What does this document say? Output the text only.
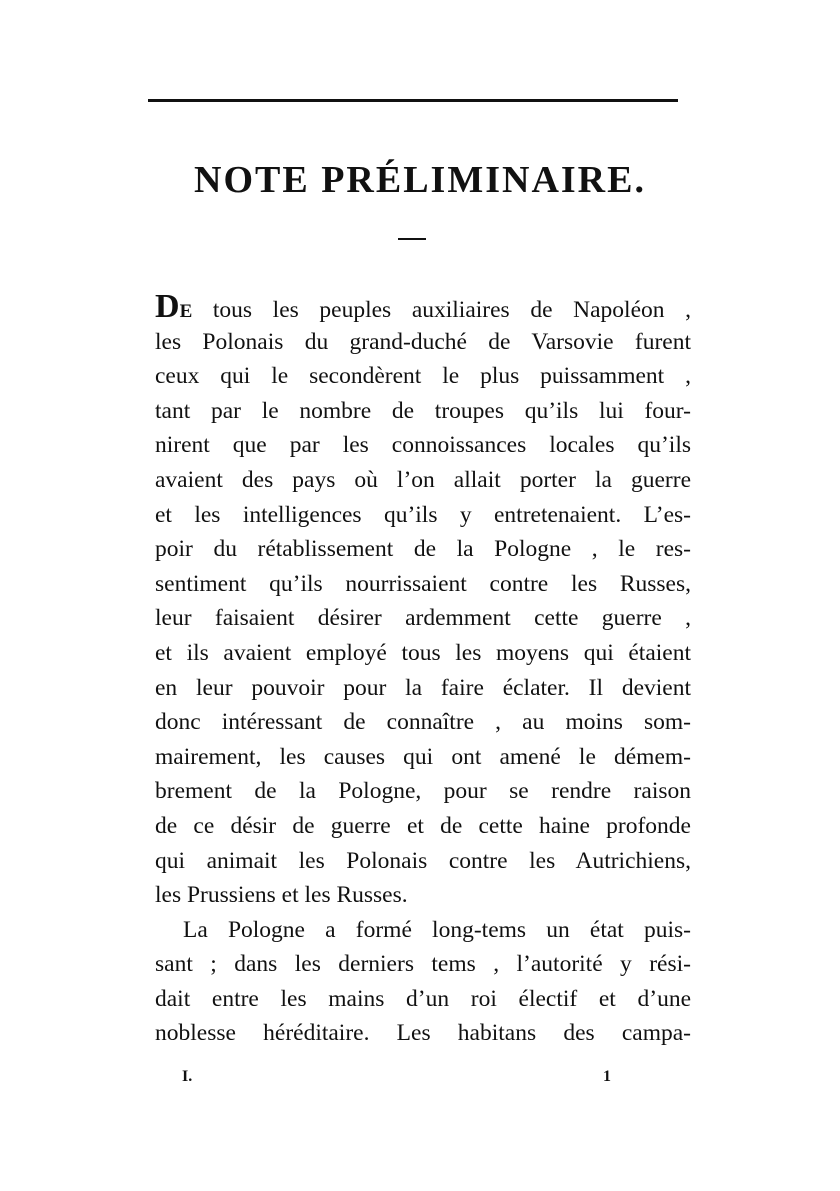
NOTE PRÉLIMINAIRE.
DE tous les peuples auxiliaires de Napoléon ,
les Polonais du grand-duché de Varsovie furent
ceux qui le secondèrent le plus puissamment ,
tant par le nombre de troupes qu’ils lui four-
nirent que par les connoissances locales qu’ils
avaient des pays où l’on allait porter la guerre
et les intelligences qu’ils y entretenaient. L’es-
poir du rétablissement de la Pologne , le res-
sentiment qu’ils nourrissaient contre les Russes,
leur faisaient désirer ardemment cette guerre ,
et ils avaient employé tous les moyens qui étaient
en leur pouvoir pour la faire éclater. Il devient
donc intéressant de connaître , au moins som-
mairement, les causes qui ont amené le démem-
brement de la Pologne, pour se rendre raison
de ce désir de guerre et de cette haine profonde
qui animait les Polonais contre les Autrichiens,
les Prussiens et les Russes.
La Pologne a formé long-tems un état puis-
sant ; dans les derniers tems , l’autorité y rési-
dait entre les mains d’un roi électif et d’une
noblesse héréditaire. Les habitans des campa-
I.	1
